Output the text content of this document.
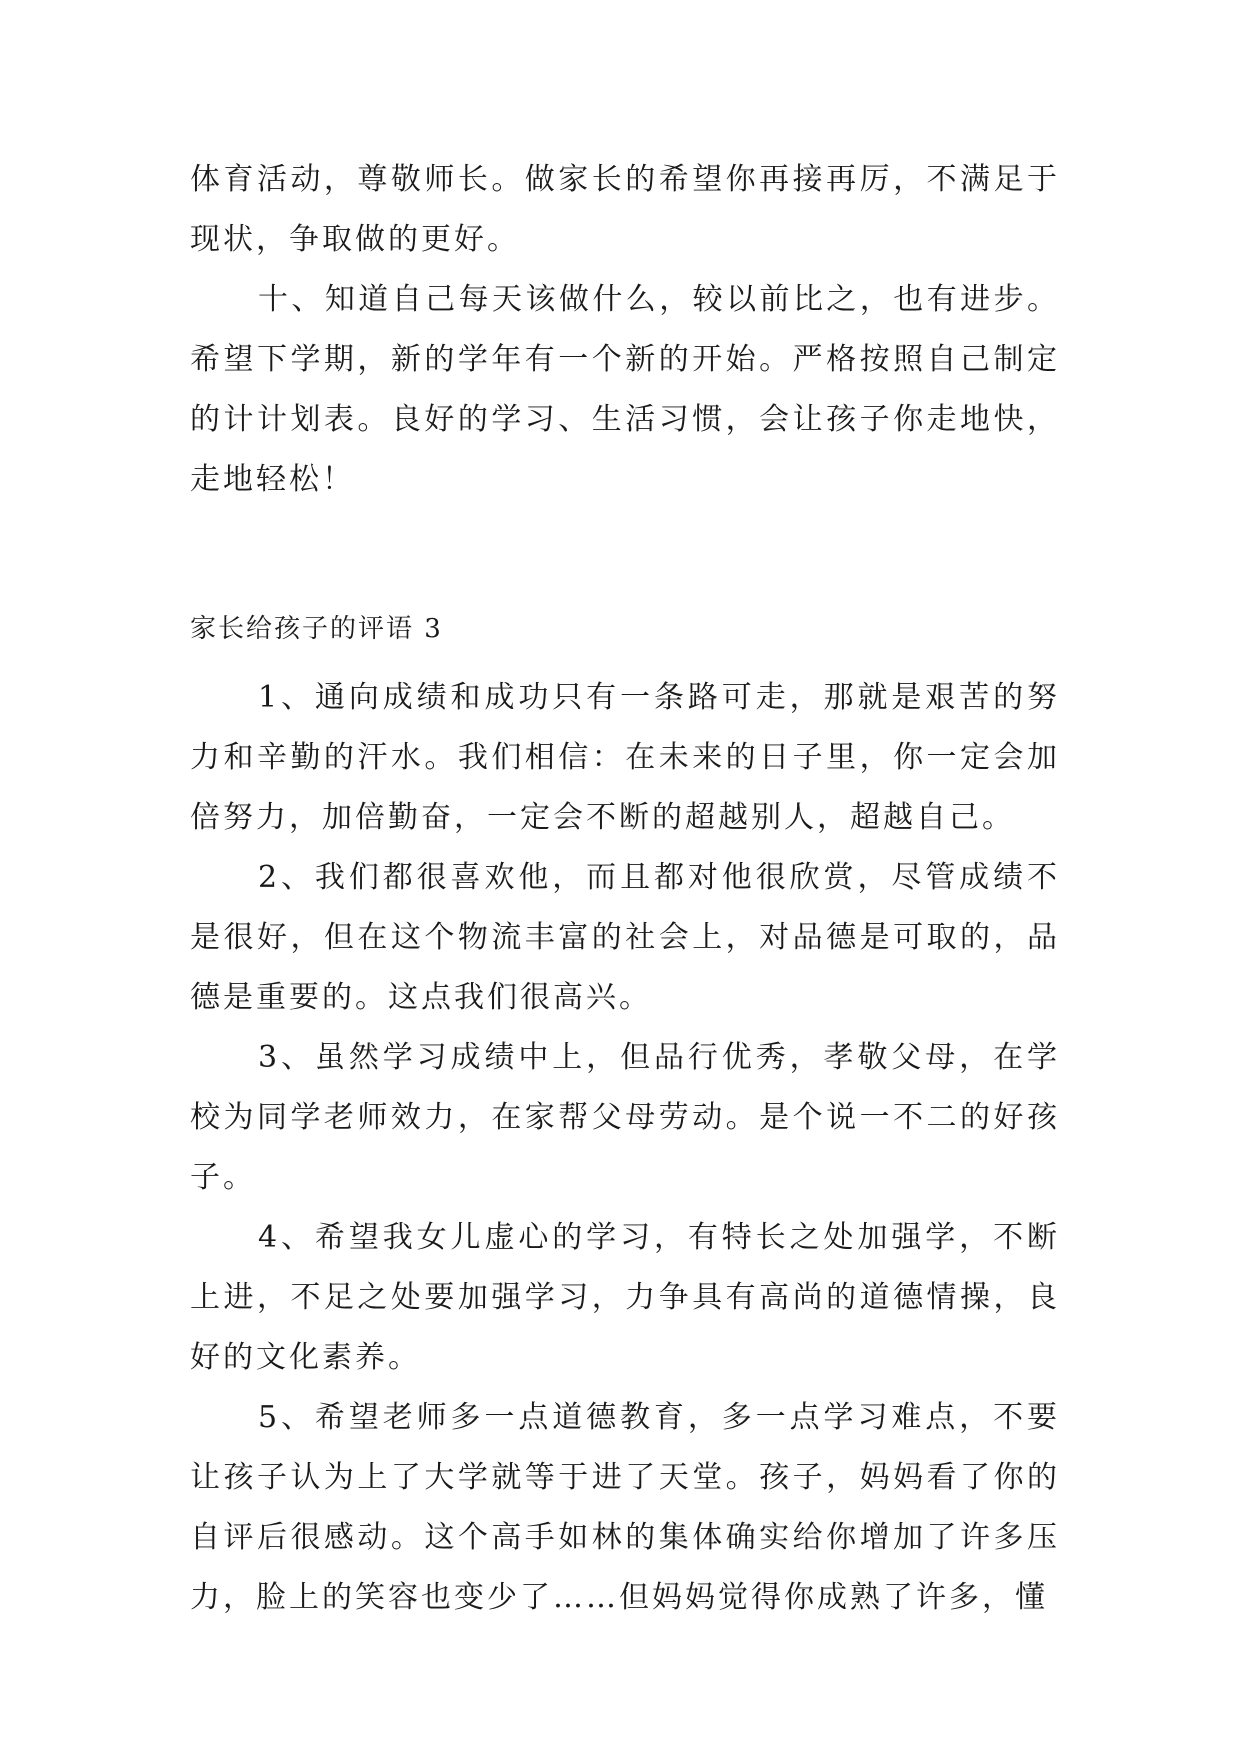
体育活动，尊敬师长。做家长的希望你再接再厉，不满足于现状，争取做的更好。

十、知道自己每天该做什么，较以前比之，也有进步。希望下学期，新的学年有一个新的开始。严格按照自己制定的计计划表。良好的学习、生活习惯，会让孩子你走地快，走地轻松！

家长给孩子的评语 3

1、通向成绩和成功只有一条路可走，那就是艰苦的努力和辛勤的汗水。我们相信：在未来的日子里，你一定会加倍努力，加倍勤奋，一定会不断的超越别人，超越自己。

2、我们都很喜欢他，而且都对他很欣赏，尽管成绩不是很好，但在这个物流丰富的社会上，对品德是可取的，品德是重要的。这点我们很高兴。

3、虽然学习成绩中上，但品行优秀，孝敬父母，在学校为同学老师效力，在家帮父母劳动。是个说一不二的好孩子。

4、希望我女儿虚心的学习，有特长之处加强学，不断上进，不足之处要加强学习，力争具有高尚的道德情操，良好的文化素养。

5、希望老师多一点道德教育，多一点学习难点，不要让孩子认为上了大学就等于进了天堂。孩子，妈妈看了你的自评后很感动。这个高手如林的集体确实给你增加了许多压力，脸上的笑容也变少了……但妈妈觉得你成熟了许多，懂
